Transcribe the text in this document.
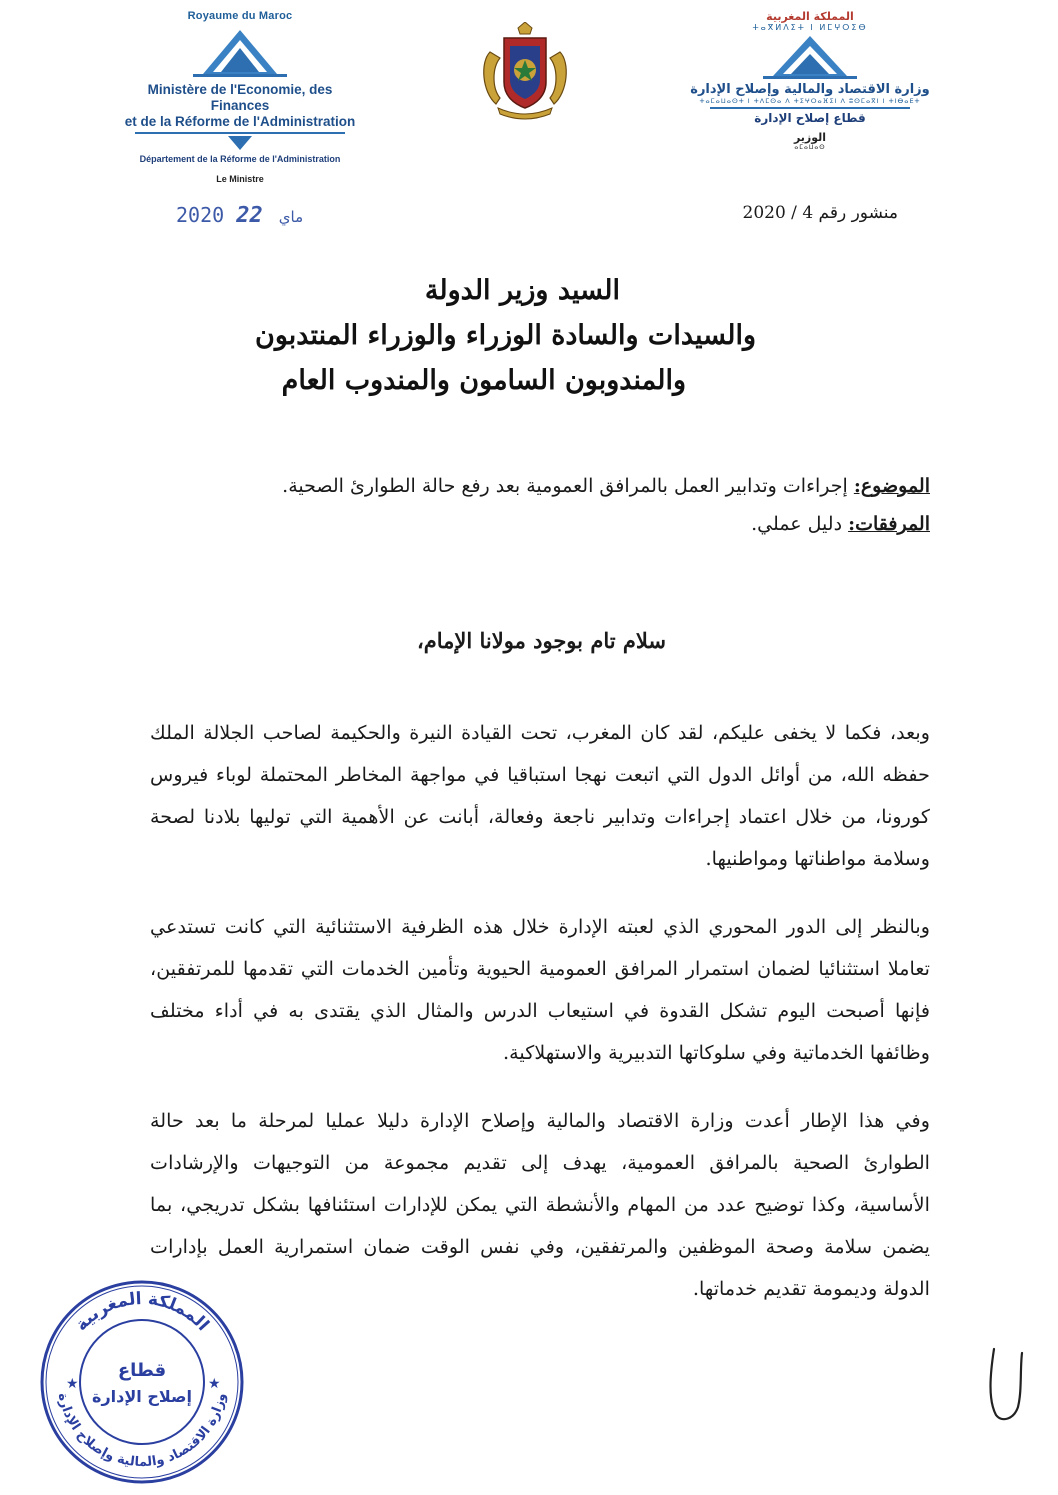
Royaume du Maroc
Ministère de l'Economie, des Finances
et de la Réforme de l'Administration
Département de la Réforme de l'Administration
Le Ministre
المملكة المغربية
ⵜⴰⴳⵍⴷⵉⵜ ⵏ ⵍⵎⵖⵔⵉⴱ
وزارة الاقتصاد والمالية وإصلاح الإدارة
ⵜⴰⵎⴰⵡⴰⵙⵜ ⵏ ⵜⴷⵎⵙⴰ ⴷ ⵜⵉⵖⵔⴰⴼⵉⵏ ⴷ ⵓⵙⵎⴰⴳⵏ ⵏ ⵜⵏⴱⴰⴹⵜ
قطاع إصلاح الإدارة
الوزير
ⴰⵎⴰⵡⴰⵙ
2020	ماي 22	منشور رقم 4 / 2020
السيد وزير الدولة
والسيدات والسادة الوزراء والوزراء المنتدبون
والمندوبون السامون والمندوب العام
الموضوع: إجراءات وتدابير العمل بالمرافق العمومية بعد رفع حالة الطوارئ الصحية.
المرفقات: دليل عملي.
سلام تام بوجود مولانا الإمام،
وبعد، فكما لا يخفى عليكم، لقد كان المغرب، تحت القيادة النيرة والحكيمة لصاحب الجلالة الملك حفظه الله، من أوائل الدول التي اتبعت نهجا استباقيا في مواجهة المخاطر المحتملة لوباء فيروس كورونا، من خلال اعتماد إجراءات وتدابير ناجعة وفعالة، أبانت عن الأهمية التي توليها بلادنا لصحة وسلامة مواطناتها ومواطنيها.
وبالنظر إلى الدور المحوري الذي لعبته الإدارة خلال هذه الظرفية الاستثنائية التي كانت تستدعي تعاملا استثنائيا لضمان استمرار المرافق العمومية الحيوية وتأمين الخدمات التي تقدمها للمرتفقين، فإنها أصبحت اليوم تشكل القدوة في استيعاب الدرس والمثال الذي يقتدى به في أداء مختلف وظائفها الخدماتية وفي سلوكاتها التدبيرية والاستهلاكية.
وفي هذا الإطار أعدت وزارة الاقتصاد والمالية وإصلاح الإدارة دليلا عمليا لمرحلة ما بعد حالة الطوارئ الصحية بالمرافق العمومية، يهدف إلى تقديم مجموعة من التوجيهات والإرشادات الأساسية، وكذا توضيح عدد من المهام والأنشطة التي يمكن للإدارات استئنافها بشكل تدريجي، بما يضمن سلامة وصحة الموظفين والمرتفقين، وفي نفس الوقت ضمان استمرارية العمل بإدارات الدولة وديمومة تقديم خدماتها.
المملكة المغربية
وزارة الاقتصاد والمالية وإصلاح الإدارة
★	★
قطاع
إصلاح الإدارة
